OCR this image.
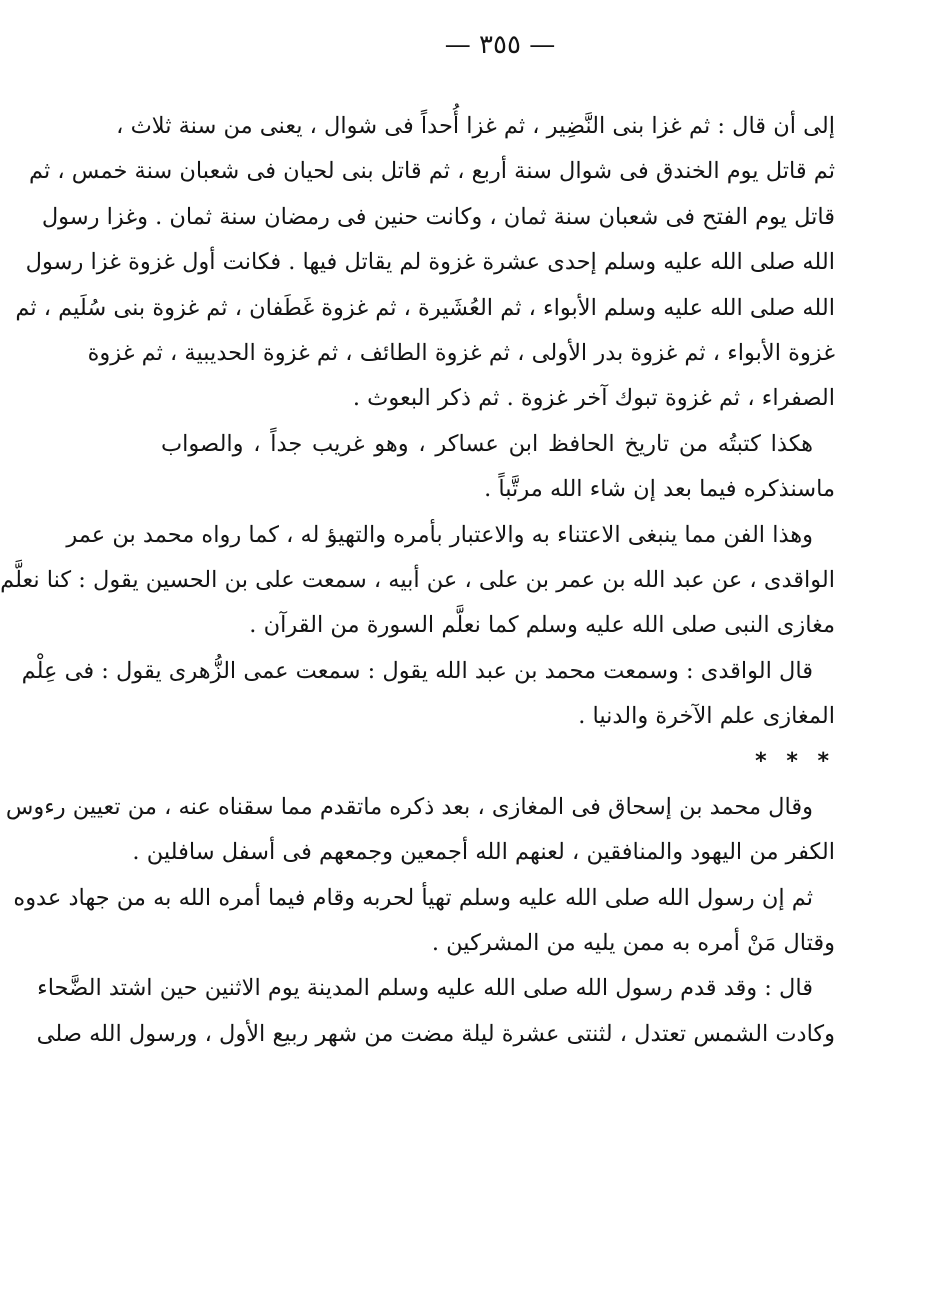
— ٣٥٥ —
إلى أن قال : ثم غزا بنى النَّضِير ، ثم غزا أُحداً فى شوال ، يعنى من سنة ثلاث ،
ثم قاتل يوم الخندق فى شوال سنة أربع ، ثم قاتل بنى لحيان فى شعبان سنة خمس ، ثم
قاتل يوم الفتح فى شعبان سنة ثمان ، وكانت حنين فى رمضان سنة ثمان . وغزا رسول
الله صلى الله عليه وسلم إحدى عشرة غزوة لم يقاتل فيها . فكانت أول غزوة غزا رسول
الله صلى الله عليه وسلم الأبواء ، ثم العُشَيرة ، ثم غزوة غَطَفان ، ثم غزوة بنى سُلَيم ، ثم
غزوة الأبواء ، ثم غزوة بدر الأولى ، ثم غزوة الطائف ، ثم غزوة الحديبية ، ثم غزوة
الصفراء ، ثم غزوة تبوك آخر غزوة . ثم ذكر البعوث .
هكذا كتبتُه من تاريخ الحافظ ابن عساكر ، وهو غريب جداً ، والصواب
ماسنذكره فيما بعد إن شاء الله مرتَّباً .
وهذا الفن مما ينبغى الاعتناء به والاعتبار بأمره والتهيؤ له ، كما رواه محمد بن عمر
الواقدى ، عن عبد الله بن عمر بن على ، عن أبيه ، سمعت على بن الحسين يقول : كنا نعلَّم
مغازى النبى صلى الله عليه وسلم كما نعلَّم السورة من القرآن .
قال الواقدى : وسمعت محمد بن عبد الله يقول : سمعت عمى الزُّهرى يقول : فى عِلْم
المغازى علم الآخرة والدنيا .
* * *
وقال محمد بن إسحاق فى المغازى ، بعد ذكره ماتقدم مما سقناه عنه ، من تعيين رءوس
الكفر من اليهود والمنافقين ، لعنهم الله أجمعين وجمعهم فى أسفل سافلين .
ثم إن رسول الله صلى الله عليه وسلم تهيأ لحربه وقام فيما أمره الله به من جهاد عدوه
وقتال مَنْ أمره به ممن يليه من المشركين .
قال : وقد قدم رسول الله صلى الله عليه وسلم المدينة يوم الاثنين حين اشتد الضَّحاء
وكادت الشمس تعتدل ، لثنتى عشرة ليلة مضت من شهر ربيع الأول ، ورسول الله صلى
